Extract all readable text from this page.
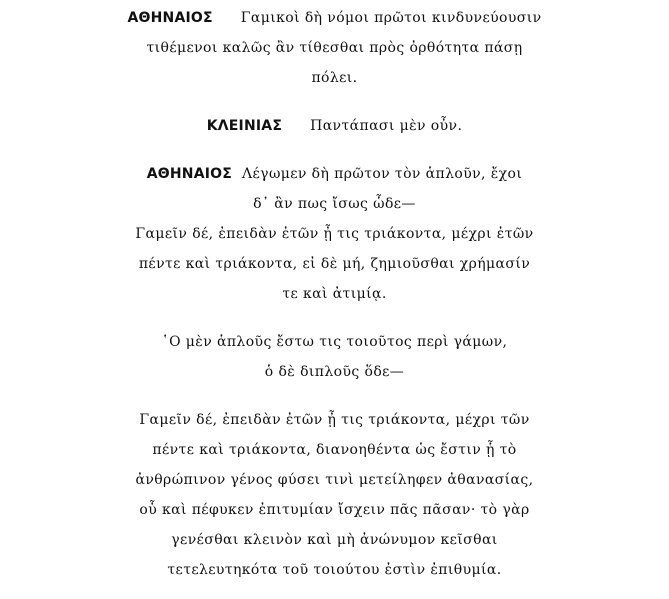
ΑΘΗΝΑΙΟΣ Γαμικοὶ δὴ νόμοι πρῶτοι κινδυνεύουσιν
τιθέμενοι καλῶς ἂν τίθεσθαι πρὸς ὀρθότητα πάσῃ
πόλει.
ΚΛΕΙΝΙΑΣ Παντάπασι μὲν οὖν.
ΑΘΗΝΑΙΟΣ Λέγωμεν δὴ πρῶτον τὸν ἁπλοῦν, ἔχοι
δ᾽ ἂν πως ἴσως ὧδε—
Γαμεῖν δέ, ἐπειδὰν ἐτῶν ᾖ τις τριάκοντα, μέχρι ἐτῶν
πέντε καὶ τριάκοντα, εἰ δὲ μή, ζημιοῦσθαι χρήμασίν
τε καὶ ἀτιμίᾳ.
῾Ο μὲν ἁπλοῦς ἔστω τις τοιοῦτος περὶ γάμων,
ὁ δὲ διπλοῦς ὅδε—
Γαμεῖν δέ, ἐπειδὰν ἐτῶν ᾖ τις τριάκοντα, μέχρι τῶν
πέντε καὶ τριάκοντα, διανοηθέντα ὡς ἔστιν ᾗ τὸ
ἀνθρώπινον γένος φύσει τινὶ μετείληφεν ἀθανασίας,
οὗ καὶ πέφυκεν ἐπιτυμίαν ἴσχειν πᾶς πᾶσαν· τὸ γὰρ
γενέσθαι κλεινὸν καὶ μὴ ἀνώνυμον κεῖσθαι
τετελευτηκότα τοῦ τοιούτου ἐστὶν ἐπιθυμία.
